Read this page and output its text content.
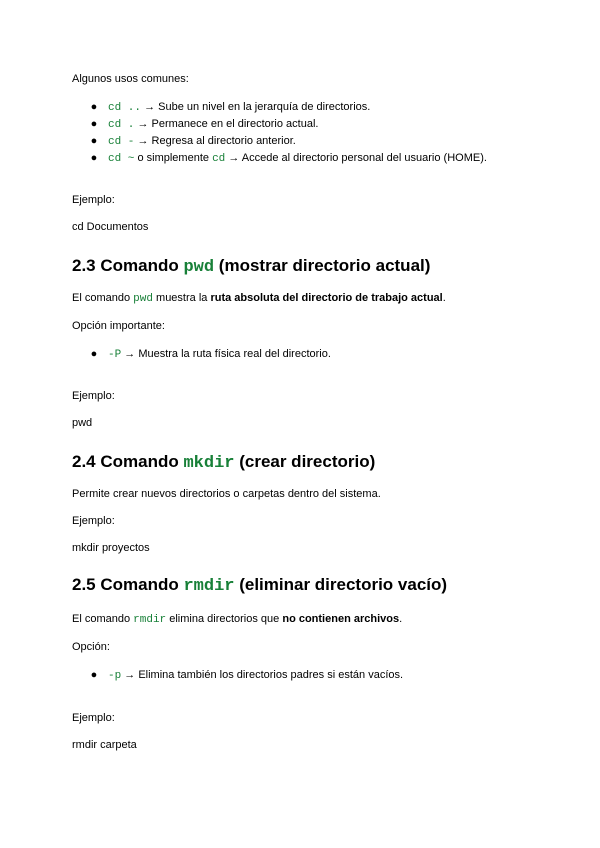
Algunos usos comunes:
● cd .. → Sube un nivel en la jerarquía de directorios.
● cd . → Permanece en el directorio actual.
● cd - → Regresa al directorio anterior.
● cd ~ o simplemente cd → Accede al directorio personal del usuario (HOME).
Ejemplo:
cd Documentos
2.3 Comando pwd (mostrar directorio actual)
El comando pwd muestra la ruta absoluta del directorio de trabajo actual.
Opción importante:
● -P → Muestra la ruta física real del directorio.
Ejemplo:
pwd
2.4 Comando mkdir (crear directorio)
Permite crear nuevos directorios o carpetas dentro del sistema.
Ejemplo:
mkdir proyectos
2.5 Comando rmdir (eliminar directorio vacío)
El comando rmdir elimina directorios que no contienen archivos.
Opción:
● -p → Elimina también los directorios padres si están vacíos.
Ejemplo:
rmdir carpeta
